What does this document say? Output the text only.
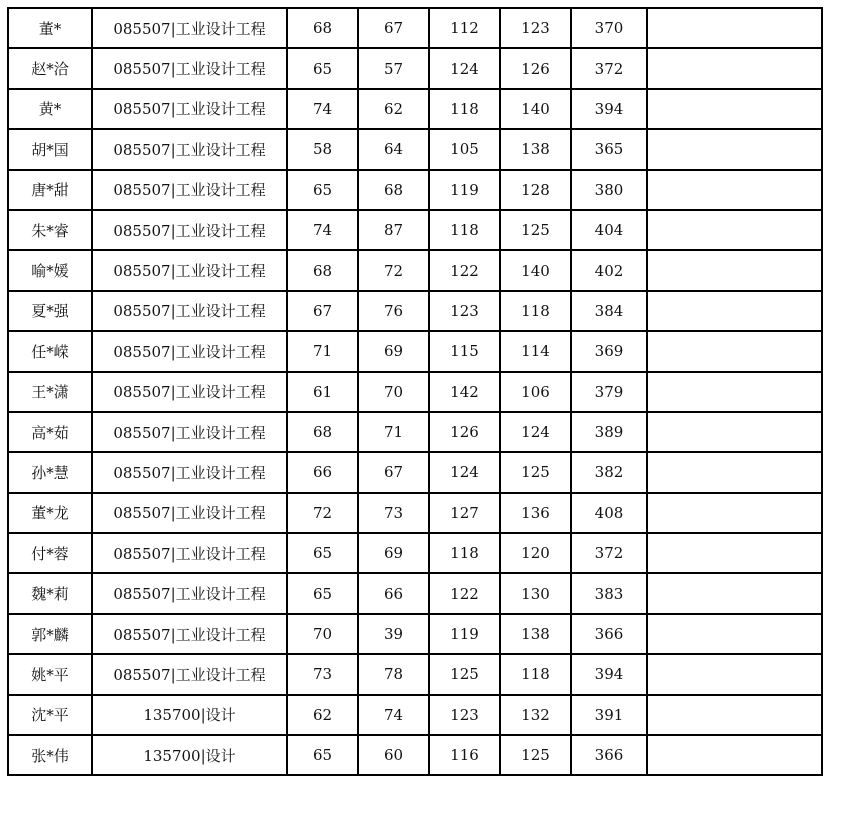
董*	085507|工业设计工程	68	67	112	123	370	
赵*洽	085507|工业设计工程	65	57	124	126	372	
黄*	085507|工业设计工程	74	62	118	140	394	
胡*国	085507|工业设计工程	58	64	105	138	365	
唐*甜	085507|工业设计工程	65	68	119	128	380	
朱*睿	085507|工业设计工程	74	87	118	125	404	
喻*媛	085507|工业设计工程	68	72	122	140	402	
夏*强	085507|工业设计工程	67	76	123	118	384	
任*嵘	085507|工业设计工程	71	69	115	114	369	
王*潇	085507|工业设计工程	61	70	142	106	379	
高*茹	085507|工业设计工程	68	71	126	124	389	
孙*慧	085507|工业设计工程	66	67	124	125	382	
董*龙	085507|工业设计工程	72	73	127	136	408	
付*蓉	085507|工业设计工程	65	69	118	120	372	
魏*莉	085507|工业设计工程	65	66	122	130	383	
郭*麟	085507|工业设计工程	70	39	119	138	366	
姚*平	085507|工业设计工程	73	78	125	118	394	
沈*平	135700|设计	62	74	123	132	391	
张*伟	135700|设计	65	60	116	125	366	
